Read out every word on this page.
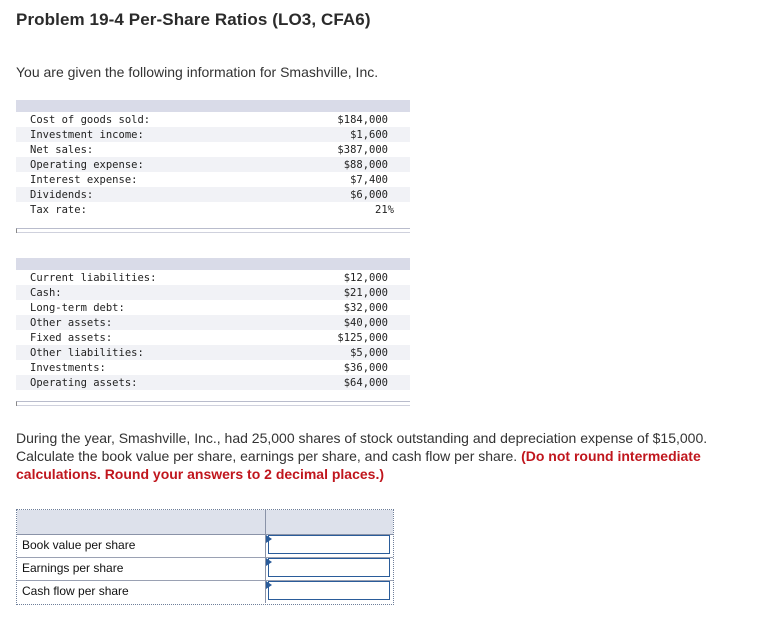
Problem 19-4 Per-Share Ratios (LO3, CFA6)
You are given the following information for Smashville, Inc.
Cost of goods sold:	$184,000
Investment income:	$1,600
Net sales:	$387,000
Operating expense:	$88,000
Interest expense:	$7,400
Dividends:	$6,000
Tax rate:	21%
Current liabilities:	$12,000
Cash:	$21,000
Long-term debt:	$32,000
Other assets:	$40,000
Fixed assets:	$125,000
Other liabilities:	$5,000
Investments:	$36,000
Operating assets:	$64,000
During the year, Smashville, Inc., had 25,000 shares of stock outstanding and depreciation expense of $15,000. Calculate the book value per share, earnings per share, and cash flow per share. (Do not round intermediate calculations. Round your answers to 2 decimal places.)
Book value per share
Earnings per share
Cash flow per share
